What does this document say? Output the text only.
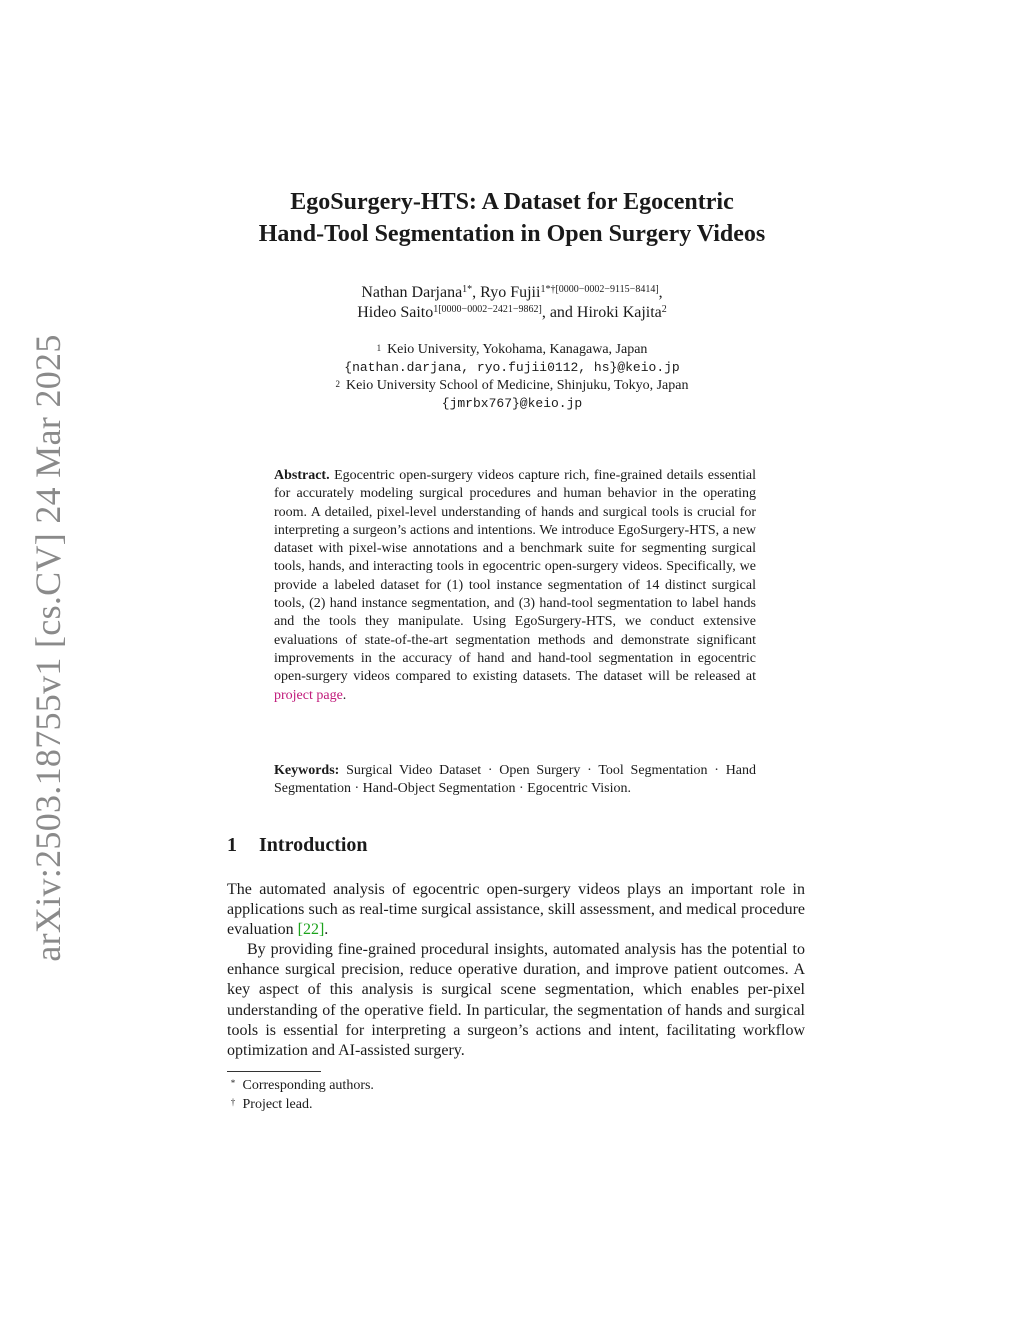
arXiv:2503.18755v1 [cs.CV] 24 Mar 2025
EgoSurgery-HTS: A Dataset for Egocentric
Hand-Tool Segmentation in Open Surgery Videos
Nathan Darjana$^{1*}$, Ryo Fujii$^{1*\dagger[0000-0002-9115-8414]}$,
Hideo Saito$^{1[0000-0002-2421-9862]}$, and Hiroki Kajita$^2$
$^1$ Keio University, Yokohama, Kanagawa, Japan
{nathan.darjana, ryo.fujii0112, hs}@keio.jp
$^2$ Keio University School of Medicine, Shinjuku, Tokyo, Japan
{jmrbx767}@keio.jp
Abstract. Egocentric open-surgery videos capture rich, fine-grained details essential for accurately modeling surgical procedures and human behavior in the operating room. A detailed, pixel-level understanding of hands and surgical tools is crucial for interpreting a surgeon’s actions and intentions. We introduce EgoSurgery-HTS, a new dataset with pixel-wise annotations and a benchmark suite for segmenting surgical tools, hands, and interacting tools in egocentric open-surgery videos. Specifically, we provide a labeled dataset for (1) tool instance segmentation of 14 distinct surgical tools, (2) hand instance segmentation, and (3) hand-tool segmentation to label hands and the tools they manipulate. Using EgoSurgery-HTS, we conduct extensive evaluations of state-of-the-art segmentation methods and demonstrate significant improvements in the accuracy of hand and hand-tool segmentation in egocentric open-surgery videos compared to existing datasets. The dataset will be released at project page.
Keywords: Surgical Video Dataset · Open Surgery · Tool Segmentation · Hand Segmentation · Hand-Object Segmentation · Egocentric Vision.
1 Introduction

The automated analysis of egocentric open-surgery videos plays an important role in applications such as real-time surgical assistance, skill assessment, and medical procedure evaluation [22].

By providing fine-grained procedural insights, automated analysis has the potential to enhance surgical precision, reduce operative duration, and improve patient outcomes. A key aspect of this analysis is surgical scene segmentation, which enables per-pixel understanding of the operative field. In particular, the segmentation of hands and surgical tools is essential for interpreting a surgeon’s actions and intent, facilitating workflow optimization and AI-assisted surgery.

* Corresponding authors.
† Project lead.
